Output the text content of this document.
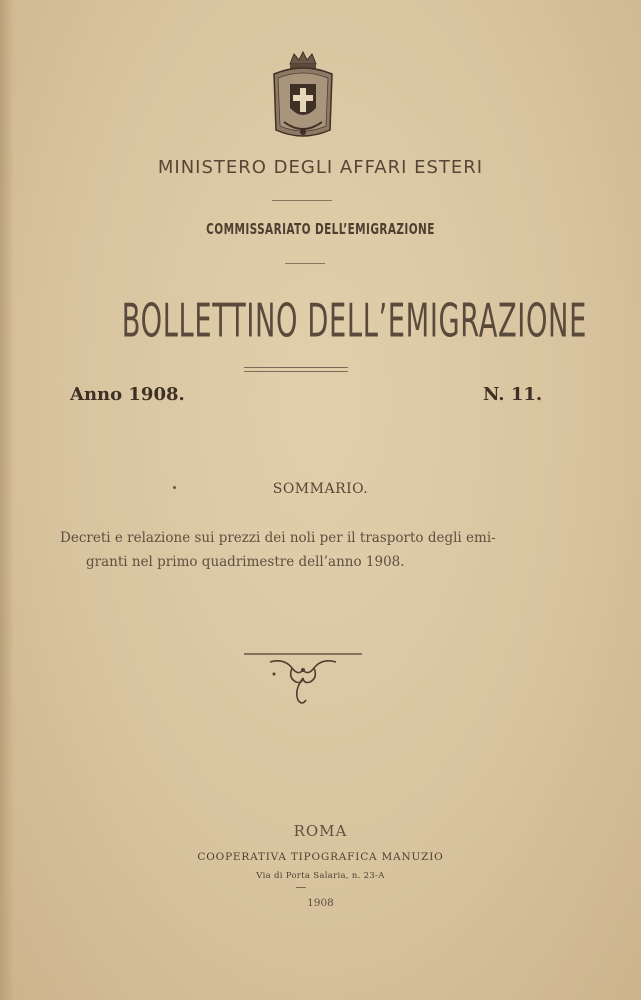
MINISTERO DEGLI AFFARI ESTERI
COMMISSARIATO DELL’EMIGRAZIONE
BOLLETTINO DELL’EMIGRAZIONE
Anno 1908.	N. 11.
SOMMARIO.
Decreti e relazione sui prezzi dei noli per il trasporto degli emi-
granti nel primo quadrimestre dell’anno 1908.
ROMA
COOPERATIVA TIPOGRAFICA MANUZIO
Via di Porta Salaria, n. 23-A
1908
